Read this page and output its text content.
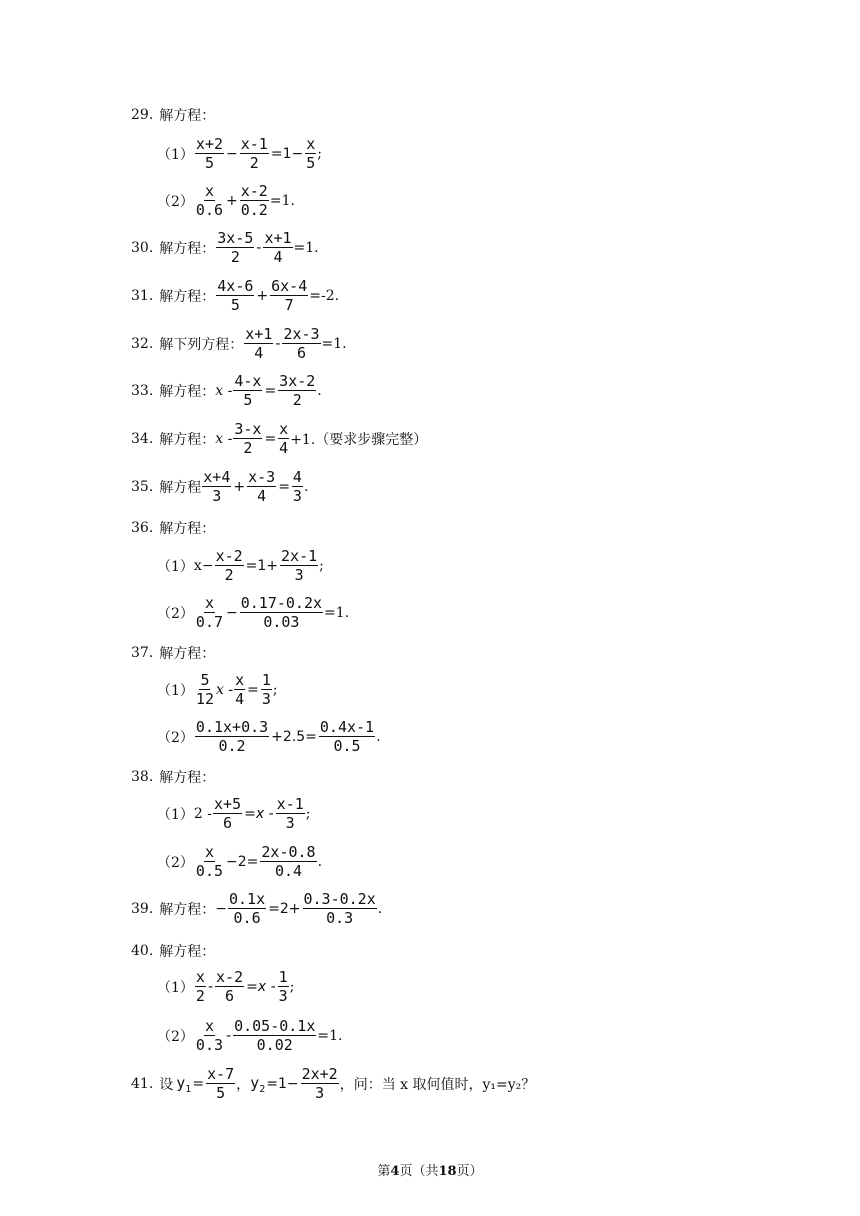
29. 解方程：
$(1) \frac{x+2}{5} - \frac{x-1}{2} =1- \frac{x}{5}$ ;
$(2) \frac{x}{0.6} + \frac{x-2}{0.2} =1$.
30. 解方程： $\frac{3x-5}{2} - \frac{x+1}{4} =1$.
31. 解方程： $\frac{4x-6}{5} + \frac{6x-4}{7} =-2$.
32. 解下列方程： $\frac{x+1}{4} - \frac{2x-3}{6} =1$.
33. 解方程： $x - \frac{4-x}{5} = \frac{3x-2}{2}$ .
34. 解方程： $x - \frac{3-x}{2} = \frac{x}{4} +1$.（要求步骤完整）
35. 解方程 $\frac{x+4}{3} + \frac{x-3}{4} = \frac{4}{3}$ .
36. 解方程：
（1） $x- \frac{x-2}{2} =1+ \frac{2x-1}{3}$ ;
$(2) \frac{x}{0.7} - \frac{0.17-0.2x}{0.03} =1$.
37. 解方程：
$(1) \frac{5}{12}$ $x - \frac{x}{4} = \frac{1}{3}$ ;
$(2) \frac{0.1x+0.3}{0.2} +2.5= \frac{0.4x-1}{0.5}$ .
38. 解方程：
（1） $2 - \frac{x+5}{6} =x - \frac{x-1}{3}$ ;
$(2) \frac{x}{0.5} -2= \frac{2x-0.8}{0.4}$ .
39. 解方程： − $\frac{0.1x}{0.6} =2+ \frac{0.3-0.2x}{0.3}$ .
40. 解方程：
$(1) \frac{x}{2} - \frac{x-2}{6} =x - \frac{1}{3}$ ;
$(2) \frac{x}{0.3} - \frac{0.05-0.1x}{0.02} =1$.
41. 设 $y_1 = \frac{x-7}{5}$ ， $y_2 =1- \frac{2x+2}{3}$ ，问：当 x 取何值时，y₁=y₂？
第4页（共18页）
